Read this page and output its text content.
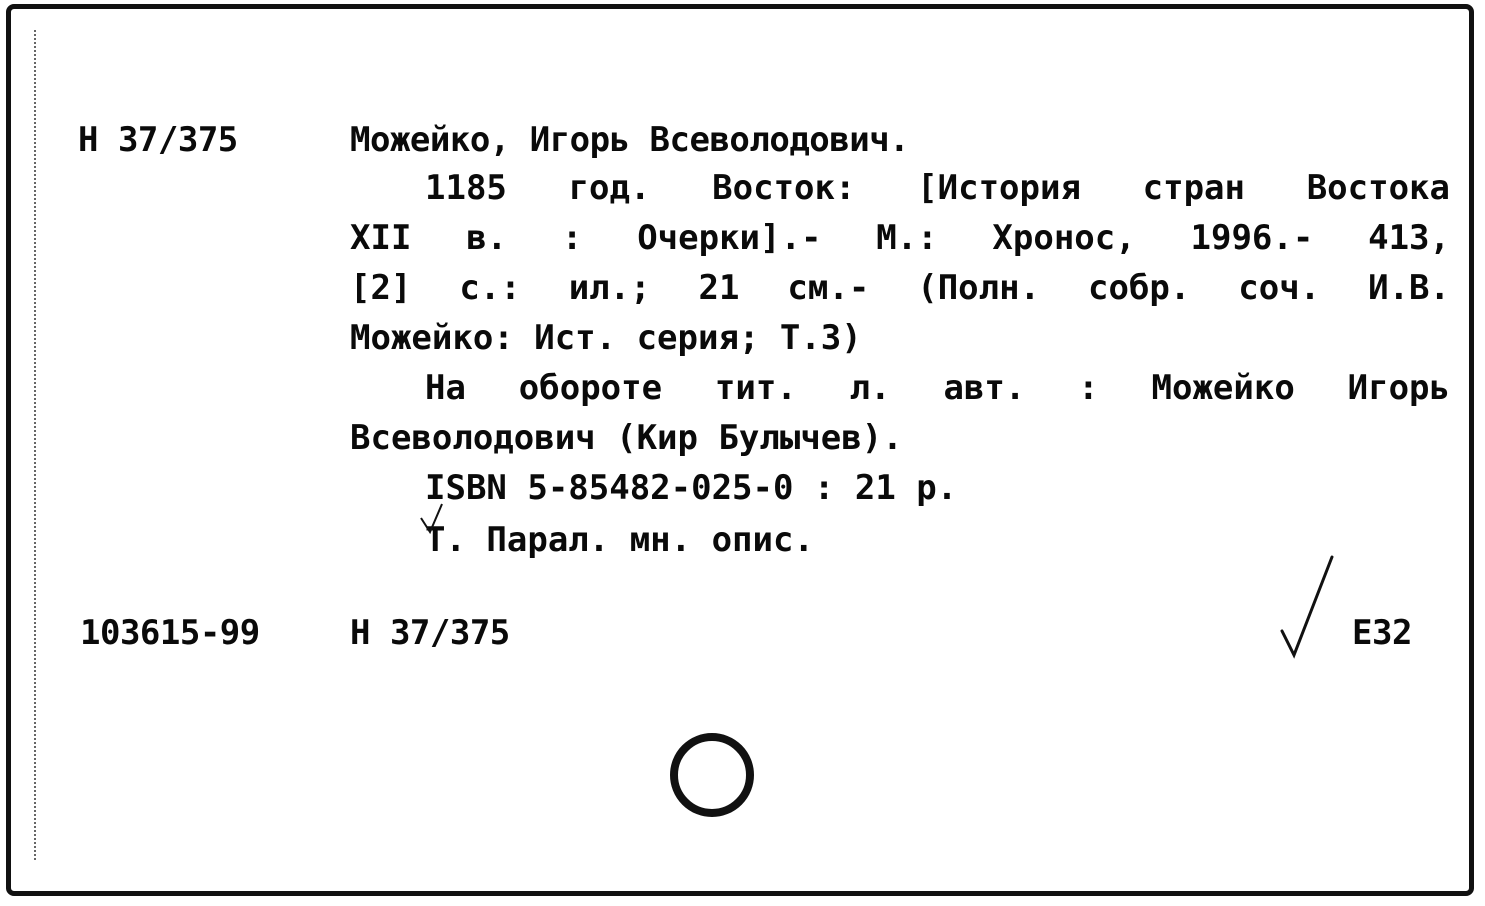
Н 37/375	Можейко, Игорь Всеволодович.
1185 год. Восток: [История стран Востока
XII в. : Очерки].- М.: Хронос, 1996.- 413,
[2] с.: ил.; 21 см.- (Полн. собр. соч. И.В.
Можейко: Ист. серия; Т.3)
На обороте тит. л. авт. : Можейко Игорь
Всеволодович (Кир Булычев).
ISBN 5-85482-025-0 : 21 р.
Т. Парал. мн. опис.
103615-99	Н 37/375	Е32
